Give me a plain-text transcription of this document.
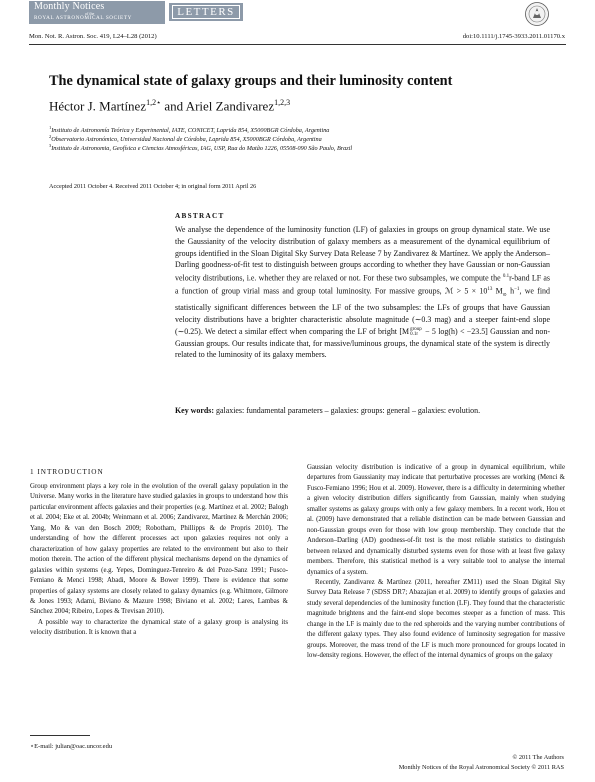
Monthly Notices
of the
ROYAL ASTRONOMICAL SOCIETY	LETTERS
Mon. Not. R. Astron. Soc. 419, L24–L28 (2012)	doi:10.1111/j.1745-3933.2011.01170.x
The dynamical state of galaxy groups and their luminosity content
Héctor J. Martínez$^{1,2⋆}$ and Ariel Zandivarez$^{1,2,3}$
$^1$Instituto de Astronomía Teórica y Experimental, IATE, CONICET, Laprida 854, X5000BGR Córdoba, Argentina
$^2$Observatorio Astronómico, Universidad Nacional de Córdoba, Laprida 854, X5000BGR Córdoba, Argentina
$^3$Instituto de Astronomia, Geofísica e Ciencias Atmosféricas, IAG, USP, Rua do Matão 1226, 05508-090 São Paulo, Brazil
Accepted 2011 October 4. Received 2011 October 4; in original form 2011 April 26
ABSTRACT
We analyse the dependence of the luminosity function (LF) of galaxies in groups on group dynamical state. We use the Gaussianity of the velocity distribution of galaxy members as a measurement of the dynamical equilibrium of groups identified in the Sloan Digital Sky Survey Data Release 7 by Zandivarez & Martínez. We apply the Anderson–Darling goodness-of-fit test to distinguish between groups according to whether they have Gaussian or non-Gaussian velocity distributions, i.e. whether they are relaxed or not. For these two subsamples, we compute the $^{0.1}$r-band LF as a function of group virial mass and group total luminosity. For massive groups, ℳ > $5 \times 10^{13}$ $M_⊙$ $h^{-1}$, we find statistically significant differences between the LF of the two subsamples: the LFs of groups that have Gaussian velocity distributions have a brighter characteristic absolute magnitude (∼0.3 mag) and a steeper faint-end slope (∼0.25). We detect a similar effect when comparing the LF of bright [M group
0.1r − 5 log(h) < −23.5] Gaussian and non-Gaussian groups. Our results indicate that, for massive/luminous groups, the dynamical state of the system is directly related to the luminosity of its galaxy members.
Key words: galaxies: fundamental parameters – galaxies: groups: general – galaxies: evolution.
1 INTRODUCTION

Group environment plays a key role in the evolution of the overall galaxy population in the Universe. Many works in the literature have studied galaxies in groups to understand how this particular environment affects galaxies and their properties (e.g. Martínez et al. 2002; Balogh et al. 2004; Eke et al. 2004b; Weinmann et al. 2006; Zandivarez, Martínez & Merchán 2006; Yang, Mo & van den Bosch 2009; Robotham, Phillipps & de Propris 2010). The understanding of how the different processes act upon galaxies requires not only a characterization of how galaxy properties are related to the environment but also to their motion therein. The action of the different physical mechanisms depend on the dynamics of galaxies within systems (e.g. Yepes, Dominguez-Tenreiro & del Pozo-Sanz 1991; Fusco-Femiano & Menci 1998; Abadi, Moore & Bower 1999). There is evidence that some properties of galaxy systems are closely related to galaxy dynamics (e.g. Whitmore, Gilmore & Jones 1993; Adami, Biviano & Mazure 1998; Biviano et al. 2002; Lares, Lambas & Sánchez 2004; Ribeiro, Lopes & Trevisan 2010).

A possible way to characterize the dynamical state of a galaxy group is analysing its velocity distribution. It is known that a

Gaussian velocity distribution is indicative of a group in dynamical equilibrium, while departures from Gaussianity may indicate that perturbative processes are working (Menci & Fusco-Femiano 1996; Hou et al. 2009). However, there is a difficulty in determining whether a given velocity distribution differs significantly from Gaussian, mainly when studying smaller systems as galaxy groups with only a few galaxy members. In a recent work, Hou et al. (2009) have demonstrated that a reliable distinction can be made between Gaussian and non-Gaussian groups even for those with low group membership. They conclude that the Anderson–Darling (AD) goodness-of-fit test is the most reliable statistics to distinguish between relaxed and dynamically disturbed systems even for those with at least five galaxy members. Therefore, this statistical method is a very suitable tool to analyse the internal dynamics of a system.

Recently, Zandivarez & Martínez (2011, hereafter ZM11) used the Sloan Digital Sky Survey Data Release 7 (SDSS DR7; Abazajian et al. 2009) to identify groups of galaxies and study several dependencies of the luminosity function (LF). They found that the characteristic magnitude brightens and the faint-end slope becomes steeper as a function of mass. This change in the LF is mainly due to the red spheroids and the varying number contributions of the different galaxy types. They also found evidence of luminosity segregation for massive groups. Moreover, the mass trend of the LF is much more pronounced for groups located in low-density regions. However, the effect of the internal dynamics of groups on the galaxy

⋆E-mail: julian@oac.uncor.edu
© 2011 The Authors
Monthly Notices of the Royal Astronomical Society © 2011 RAS
